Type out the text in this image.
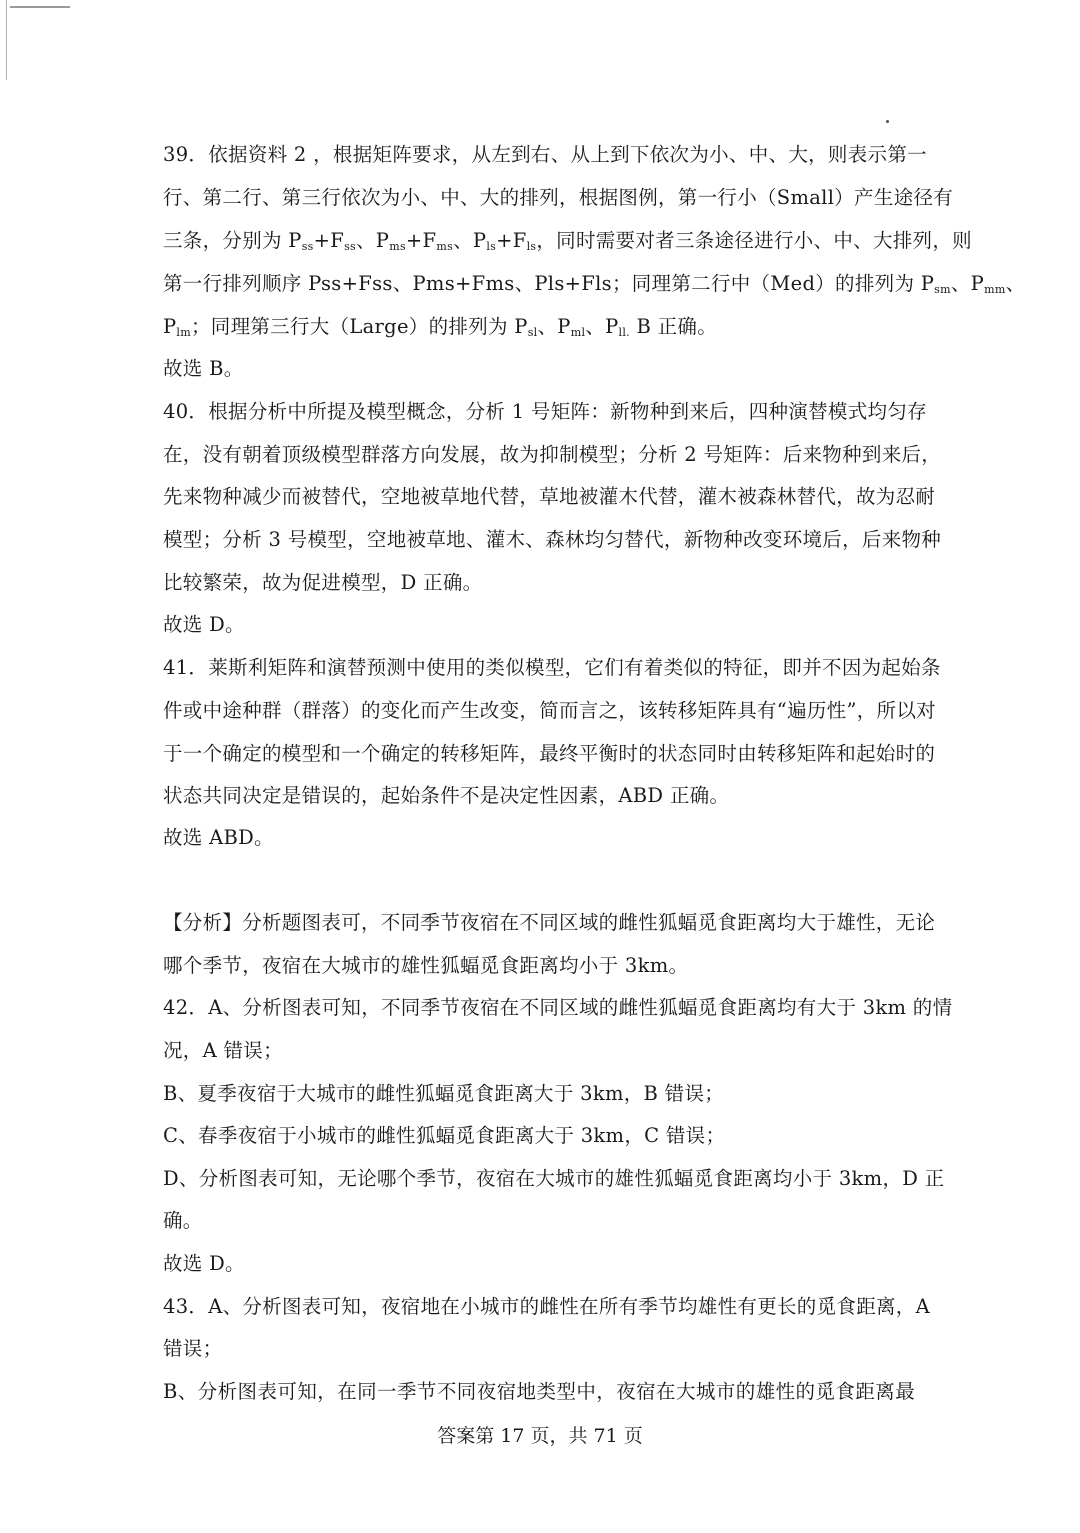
39．依据资料 2 ，根据矩阵要求，从左到右、从上到下依次为小、中、大，则表示第一
行、第二行、第三行依次为小、中、大的排列，根据图例，第一行小（Small）产生途径有
三条，分别为 $P_{ss}+F_{ss}$、$P_{ms}+F_{ms}$、$P_{ls}+F_{ls}$，同时需要对者三条途径进行小、中、大排列，则
第一行排列顺序 Pss+Fss、Pms+Fms、Pls+Fls；同理第二行中（Med）的排列为 $P_{sm}$、$P_{mm}$、
$P_{lm}$；同理第三行大（Large）的排列为 $P_{sl}$、$P_{ml}$、$P_{ll.}$ B 正确。
故选 B。
40．根据分析中所提及模型概念，分析 1 号矩阵：新物种到来后，四种演替模式均匀存
在，没有朝着顶级模型群落方向发展，故为抑制模型；分析 2 号矩阵：后来物种到来后，
先来物种减少而被替代，空地被草地代替，草地被灌木代替，灌木被森林替代，故为忍耐
模型；分析 3 号模型，空地被草地、灌木、森林均匀替代，新物种改变环境后，后来物种
比较繁荣，故为促进模型，D 正确。
故选 D。
41．莱斯利矩阵和演替预测中使用的类似模型，它们有着类似的特征，即并不因为起始条
件或中途种群（群落）的变化而产生改变，简而言之，该转移矩阵具有“遍历性”，所以对
于一个确定的模型和一个确定的转移矩阵，最终平衡时的状态同时由转移矩阵和起始时的
状态共同决定是错误的，起始条件不是决定性因素，ABD 正确。
故选 ABD。
【分析】分析题图表可，不同季节夜宿在不同区域的雌性狐蝠觅食距离均大于雄性，无论
哪个季节，夜宿在大城市的雄性狐蝠觅食距离均小于 3km。
42．A、分析图表可知，不同季节夜宿在不同区域的雌性狐蝠觅食距离均有大于 3km 的情
况，A 错误；
B、夏季夜宿于大城市的雌性狐蝠觅食距离大于 3km，B 错误；
C、春季夜宿于小城市的雌性狐蝠觅食距离大于 3km，C 错误；
D、分析图表可知，无论哪个季节，夜宿在大城市的雄性狐蝠觅食距离均小于 3km，D 正
确。
故选 D。
43．A、分析图表可知，夜宿地在小城市的雌性在所有季节均雄性有更长的觅食距离，A
错误；
B、分析图表可知，在同一季节不同夜宿地类型中，夜宿在大城市的雄性的觅食距离最
答案第 17 页，共 71 页
